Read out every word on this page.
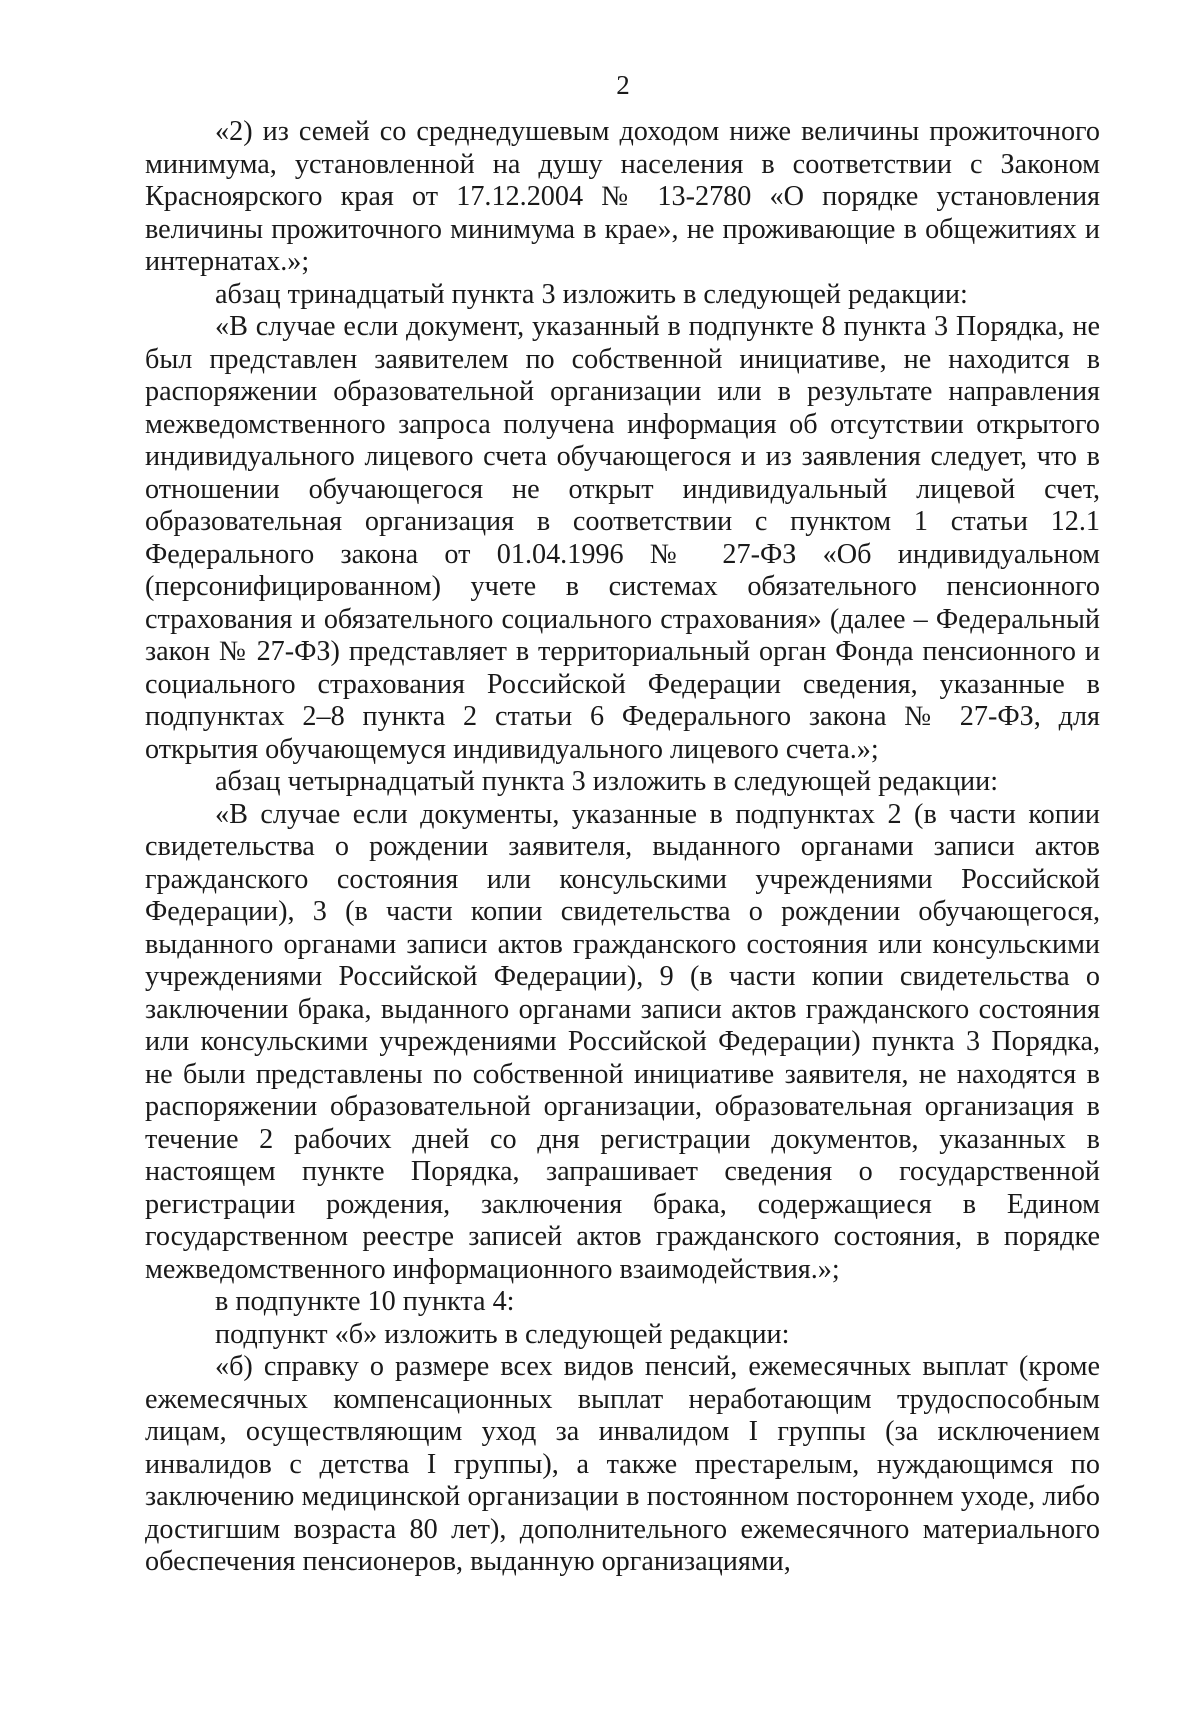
2

«2) из семей со среднедушевым доходом ниже величины прожиточного минимума, установленной на душу населения в соответствии с Законом Красноярского края от 17.12.2004 № 13-2780 «О порядке установления величины прожиточного минимума в крае», не проживающие в общежитиях и интернатах.»;

абзац тринадцатый пункта 3 изложить в следующей редакции:

«В случае если документ, указанный в подпункте 8 пункта 3 Порядка, не был представлен заявителем по собственной инициативе, не находится в распоряжении образовательной организации или в результате направления межведомственного запроса получена информация об отсутствии открытого индивидуального лицевого счета обучающегося и из заявления следует, что в отношении обучающегося не открыт индивидуальный лицевой счет, образовательная организация в соответствии с пунктом 1 статьи 12.1 Федерального закона от 01.04.1996 № 27-ФЗ «Об индивидуальном (персонифицированном) учете в системах обязательного пенсионного страхования и обязательного социального страхования» (далее – Федеральный закон № 27-ФЗ) представляет в территориальный орган Фонда пенсионного и социального страхования Российской Федерации сведения, указанные в подпунктах 2–8 пункта 2 статьи 6 Федерального закона № 27-ФЗ, для открытия обучающемуся индивидуального лицевого счета.»;

абзац четырнадцатый пункта 3 изложить в следующей редакции:

«В случае если документы, указанные в подпунктах 2 (в части копии свидетельства о рождении заявителя, выданного органами записи актов гражданского состояния или консульскими учреждениями Российской Федерации), 3 (в части копии свидетельства о рождении обучающегося, выданного органами записи актов гражданского состояния или консульскими учреждениями Российской Федерации), 9 (в части копии свидетельства о заключении брака, выданного органами записи актов гражданского состояния или консульскими учреждениями Российской Федерации) пункта 3 Порядка, не были представлены по собственной инициативе заявителя, не находятся в распоряжении образовательной организации, образовательная организация в течение 2 рабочих дней со дня регистрации документов, указанных в настоящем пункте Порядка, запрашивает сведения о государственной регистрации рождения, заключения брака, содержащиеся в Едином государственном реестре записей актов гражданского состояния, в порядке межведомственного информационного взаимодействия.»;

в подпункте 10 пункта 4:

подпункт «б» изложить в следующей редакции:

«б) справку о размере всех видов пенсий, ежемесячных выплат (кроме ежемесячных компенсационных выплат неработающим трудоспособным лицам, осуществляющим уход за инвалидом I группы (за исключением инвалидов с детства I группы), а также престарелым, нуждающимся по заключению медицинской организации в постоянном постороннем уходе, либо достигшим возраста 80 лет), дополнительного ежемесячного материального обеспечения пенсионеров, выданную организациями,
